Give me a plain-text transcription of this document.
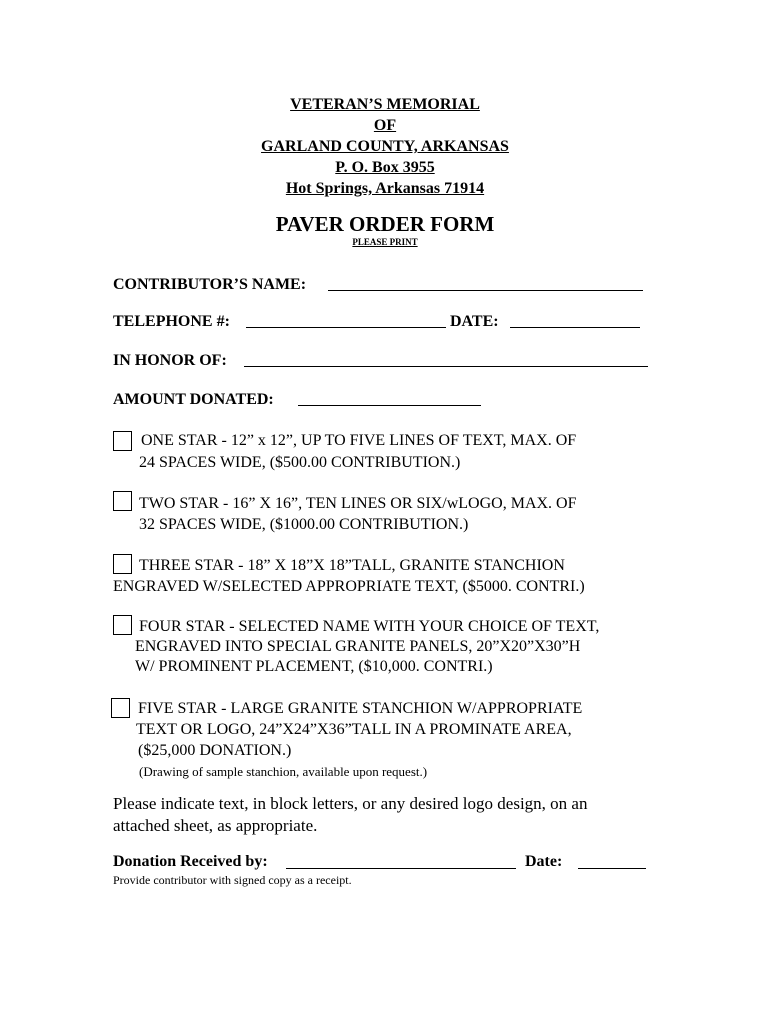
VETERAN’S MEMORIAL
OF
GARLAND COUNTY, ARKANSAS
P. O. Box 3955
Hot Springs, Arkansas 71914
PAVER ORDER FORM
PLEASE PRINT
CONTRIBUTOR’S NAME:
TELEPHONE #:	DATE:
IN HONOR OF:
AMOUNT DONATED:
ONE STAR - 12” x 12”, UP TO FIVE LINES OF TEXT, MAX. OF
24 SPACES WIDE, ($500.00 CONTRIBUTION.)
TWO STAR - 16” X 16”, TEN LINES OR SIX/wLOGO, MAX. OF
32 SPACES WIDE, ($1000.00 CONTRIBUTION.)
THREE STAR - 18” X 18”X 18”TALL, GRANITE STANCHION
ENGRAVED W/SELECTED APPROPRIATE TEXT, ($5000. CONTRI.)
FOUR STAR - SELECTED NAME WITH YOUR CHOICE OF TEXT,
ENGRAVED INTO SPECIAL GRANITE PANELS, 20”X20”X30”H
W/ PROMINENT PLACEMENT, ($10,000. CONTRI.)
FIVE STAR - LARGE GRANITE STANCHION W/APPROPRIATE
TEXT OR LOGO, 24”X24”X36”TALL IN A PROMINATE AREA,
($25,000 DONATION.)
(Drawing of sample stanchion, available upon request.)
Please indicate text, in block letters, or any desired logo design, on an
attached sheet, as appropriate.
Donation Received by:	Date:
Provide contributor with signed copy as a receipt.
